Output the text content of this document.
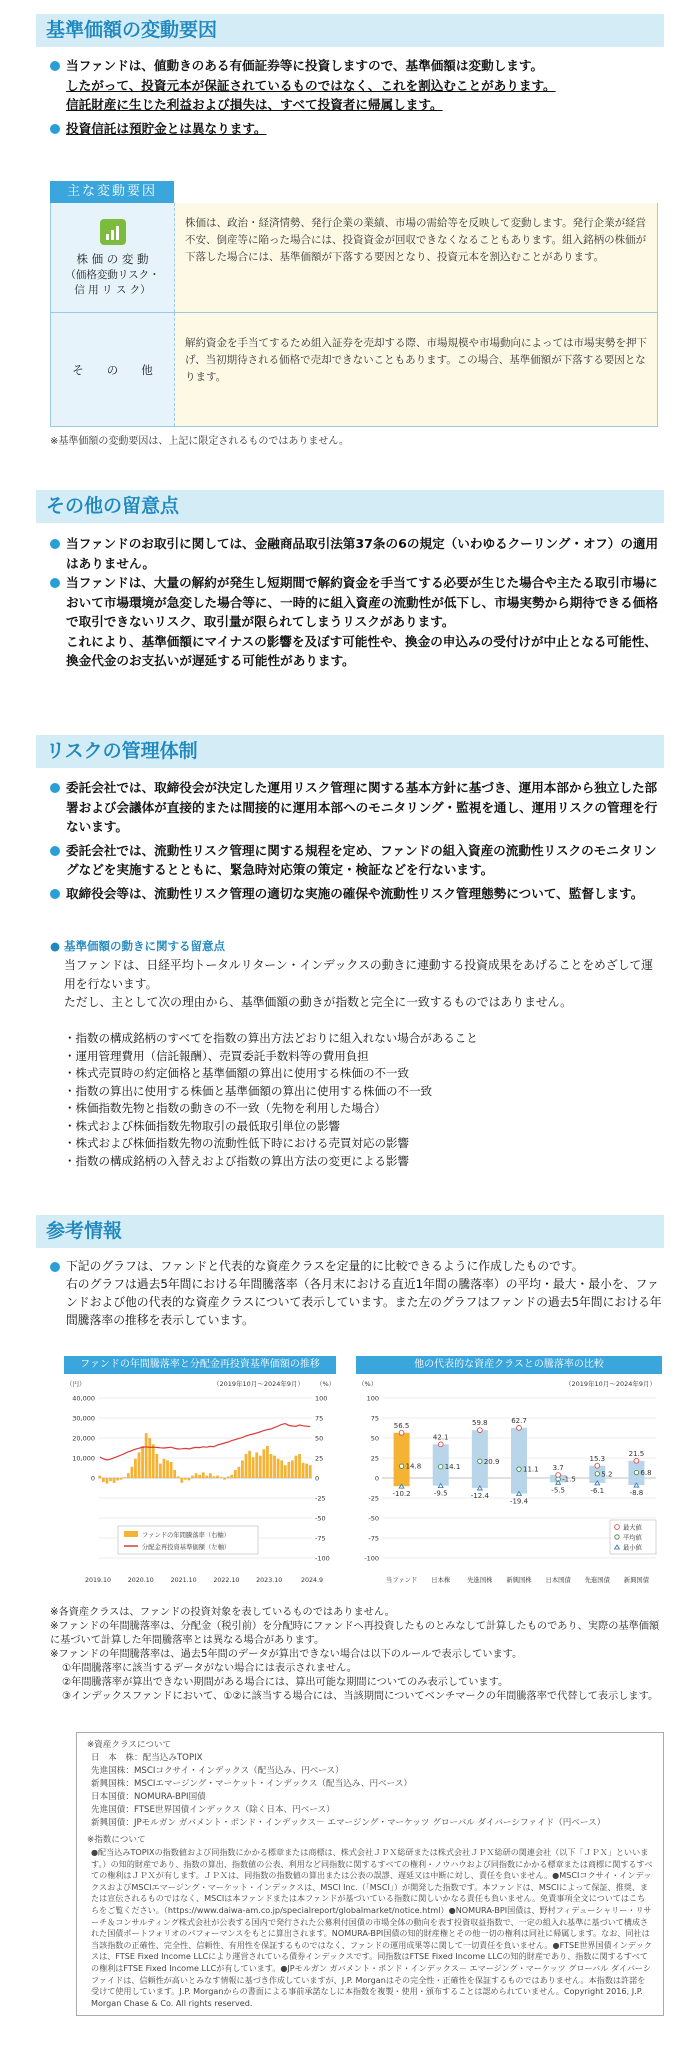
基準価額の変動要因

当ファンドは、値動きのある有価証券等に投資しますので、基準価額は変動します。
したがって、投資元本が保証されているものではなく、これを割込むことがあります。
信託財産に生じた利益および損失は、すべて投資者に帰属します。

投資信託は預貯金とは異なります。

主な変動要因
株 価 の 変 動
（価格変動リスク・
信 用 リ ス ク）
株価は、政治・経済情勢、発行企業の業績、市場の需給等を反映して変動します。発行企業が経営不安、倒産等に陥った場合には、投資資金が回収できなくなることもあります。組入銘柄の株価が下落した場合には、基準価額が下落する要因となり、投資元本を割込むことがあります。
そ　　の　　他
解約資金を手当てするため組入証券を売却する際、市場規模や市場動向によっては市場実勢を押下げ、当初期待される価格で売却できないこともあります。この場合、基準価額が下落する要因となります。
※基準価額の変動要因は、上記に限定されるものではありません。
その他の留意点

当ファンドのお取引に関しては、金融商品取引法第37条の6の規定（いわゆるクーリング・オフ）の適用はありません。

当ファンドは、大量の解約が発生し短期間で解約資金を手当てする必要が生じた場合や主たる取引市場において市場環境が急変した場合等に、一時的に組入資産の流動性が低下し、市場実勢から期待できる価格で取引できないリスク、取引量が限られてしまうリスクがあります。

これにより、基準価額にマイナスの影響を及ぼす可能性や、換金の申込みの受付けが中止となる可能性、換金代金のお支払いが遅延する可能性があります。

リスクの管理体制

委託会社では、取締役会が決定した運用リスク管理に関する基本方針に基づき、運用本部から独立した部署および会議体が直接的または間接的に運用本部へのモニタリング・監視を通し、運用リスクの管理を行ないます。

委託会社では、流動性リスク管理に関する規程を定め、ファンドの組入資産の流動性リスクのモニタリングなどを実施するとともに、緊急時対応策の策定・検証などを行ないます。

取締役会等は、流動性リスク管理の適切な実施の確保や流動性リスク管理態勢について、監督します。

● 基準価額の動きに関する留意点
当ファンドは、日経平均トータルリターン・インデックスの動きに連動する投資成果をあげることをめざして運用を行ないます。
ただし、主として次の理由から、基準価額の動きが指数と完全に一致するものではありません。
・指数の構成銘柄のすべてを指数の算出方法どおりに組入れない場合があること
・運用管理費用（信託報酬）、売買委託手数料等の費用負担
・株式売買時の約定価格と基準価額の算出に使用する株価の不一致
・指数の算出に使用する株価と基準価額の算出に使用する株価の不一致
・株価指数先物と指数の動きの不一致（先物を利用した場合）
・株式および株価指数先物取引の最低取引単位の影響
・株式および株価指数先物の流動性低下時における売買対応の影響
・指数の構成銘柄の入替えおよび指数の算出方法の変更による影響
参考情報

下記のグラフは、ファンドと代表的な資産クラスを定量的に比較できるように作成したものです。
右のグラフは過去5年間における年間騰落率（各月末における直近1年間の騰落率）の平均・最大・最小を、ファンドおよび他の代表的な資産クラスについて表示しています。また左のグラフはファンドの過去5年間における年間騰落率の推移を表示しています。

ファンドの年間騰落率と分配金再投資基準価額の推移
（円）	（%）
（2019年10月～2024年9月）
40,000
30,000
20,000
10,000
0
100
75
50
25
0
-25
-50
-75
-100
2019.10	2020.10	2021.10	2022.10	2023.10	2024.9
ファンドの年間騰落率（右軸）
分配金再投資基準価額（左軸）
他の代表的な資産クラスとの騰落率の比較
（%）	（2019年10月～2024年9月）
100
75
50
25
0
-25
-50
-75
-100
56.5
14.8
-10.2
当ファンド
42.1
14.1
-9.5
日本株
59.8
20.9
-12.4
先進国株
62.7
11.1
-19.4
新興国株
3.7
-1.5
-5.5
日本国債
15.3
5.2
-6.1
先進国債
21.5
6.8
-8.8
新興国債
最大値
平均値
最小値
※各資産クラスは、ファンドの投資対象を表しているものではありません。
※ファンドの年間騰落率は、分配金（税引前）を分配時にファンドへ再投資したものとみなして計算したものであり、実際の基準価額に基づいて計算した年間騰落率とは異なる場合があります。
※ファンドの年間騰落率は、過去5年間のデータが算出できない場合は以下のルールで表示しています。
①年間騰落率に該当するデータがない場合には表示されません。
②年間騰落率が算出できない期間がある場合には、算出可能な期間についてのみ表示しています。
③インデックスファンドにおいて、①②に該当する場合には、当該期間についてベンチマークの年間騰落率で代替して表示します。
※資産クラスについて
日　本　株：配当込みTOPIX
先進国株：MSCIコクサイ・インデックス（配当込み、円ベース）
新興国株：MSCIエマージング・マーケット・インデックス（配当込み、円ベース）
日本国債：NOMURA-BPI国債
先進国債：FTSE世界国債インデックス（除く日本、円ベース）
新興国債：JPモルガン ガバメント・ボンド・インデックス－ エマージング・マーケッツ グローバル ダイバーシファイド（円ベース）
※指数について
●配当込みTOPIXの指数値および同指数にかかる標章または商標は、株式会社ＪＰＸ総研または株式会社ＪＰＸ総研の関連会社（以下「ＪＰＸ」といいます。）の知的財産であり、指数の算出、指数値の公表、利用など同指数に関するすべての権利・ノウハウおよび同指数にかかる標章または商標に関するすべての権利はＪＰＸが有します。ＪＰＸは、同指数の指数値の算出または公表の誤謬、遅延又は中断に対し、責任を負いません。●MSCIコクサイ・インデックスおよびMSCIエマージング・マーケット・インデックスは、MSCI Inc.（「MSCI」）が開発した指数です。本ファンドは、MSCIによって保証、推奨、または宣伝されるものではなく、MSCIは本ファンドまたは本ファンドが基づいている指数に関しいかなる責任も負いません。免責事項全文についてはこちらをご覧ください。（https://www.daiwa-am.co.jp/specialreport/globalmarket/notice.html）●NOMURA-BPI国債は、野村フィデューシャリー・リサーチ＆コンサルティング株式会社が公表する国内で発行された公募利付国債の市場全体の動向を表す投資収益指数で、一定の組入れ基準に基づいて構成された国債ポートフォリオのパフォーマンスをもとに算出されます。NOMURA-BPI国債の知的財産権とその他一切の権利は同社に帰属します。なお、同社は当該指数の正確性、完全性、信頼性、有用性を保証するものではなく、ファンドの運用成果等に関して一切責任を負いません。●FTSE世界国債インデックスは、FTSE Fixed Income LLCにより運営されている債券インデックスです。同指数はFTSE Fixed Income LLCの知的財産であり、指数に関するすべての権利はFTSE Fixed Income LLCが有しています。●JPモルガン ガバメント・ボンド・インデックス－ エマージング・マーケッツ グローバル ダイバーシファイドは、信頼性が高いとみなす情報に基づき作成していますが、J.P. Morganはその完全性・正確性を保証するものではありません。本指数は許諾を受けて使用しています。J.P. Morganからの書面による事前承諾なしに本指数を複製・使用・頒布することは認められていません。Copyright 2016, J.P. Morgan Chase & Co. All rights reserved.
